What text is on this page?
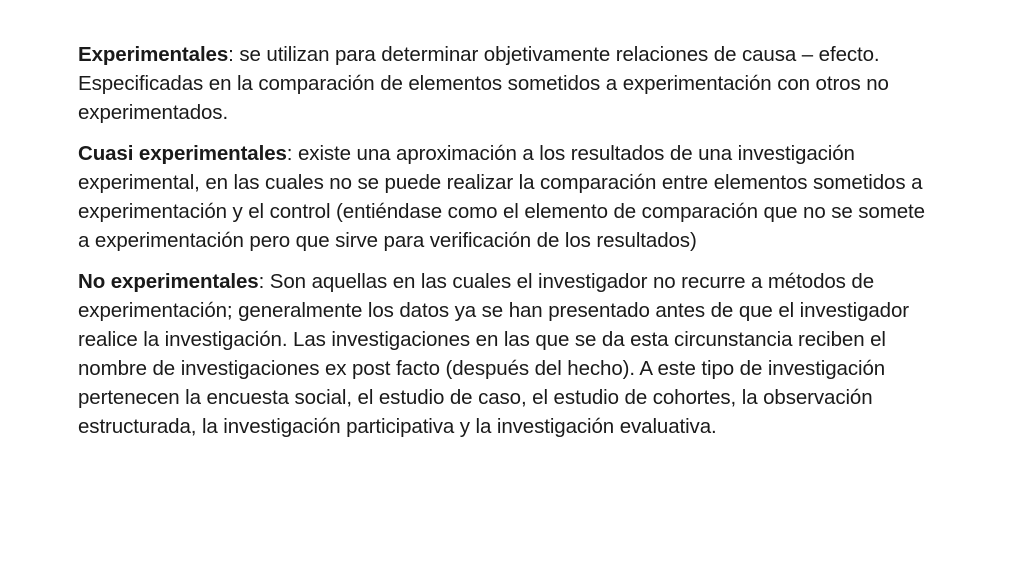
Experimentales: se utilizan para determinar objetivamente relaciones de causa – efecto. Especificadas en la comparación de elementos sometidos a experimentación con otros no experimentados.

Cuasi experimentales: existe una aproximación a los resultados de una investigación experimental, en las cuales no se puede realizar la comparación entre elementos sometidos a experimentación y el control (entiéndase como el elemento de comparación que no se somete a experimentación pero que sirve para verificación de los resultados)

No experimentales: Son aquellas en las cuales el investigador no recurre a métodos de experimentación; generalmente los datos ya se han presentado antes de que el investigador realice la investigación. Las investigaciones en las que se da esta circunstancia reciben el nombre de investigaciones ex post facto (después del hecho). A este tipo de investigación pertenecen la encuesta social, el estudio de caso, el estudio de cohortes, la observación estructurada, la investigación participativa y la investigación evaluativa.
